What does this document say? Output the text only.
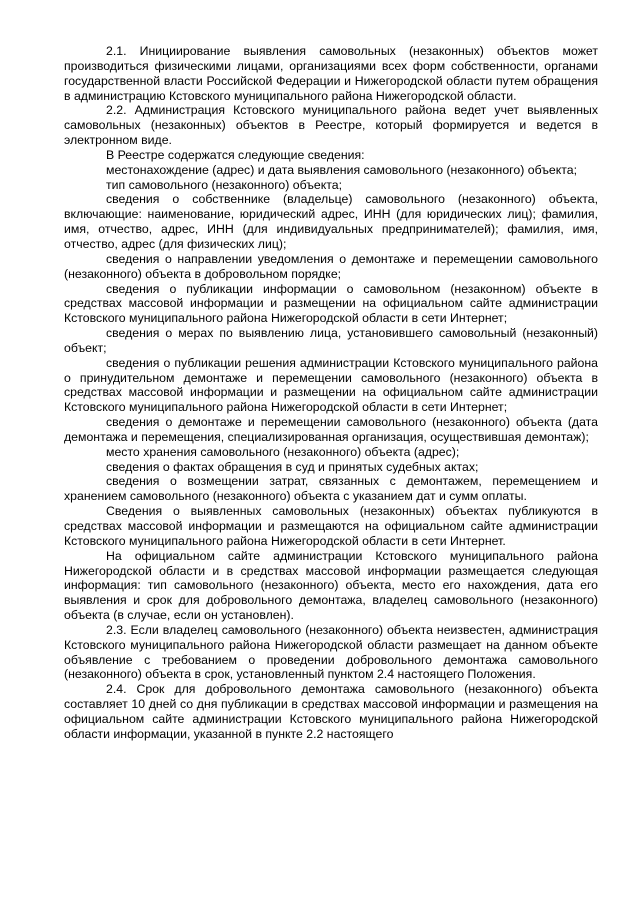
2.1. Инициирование выявления самовольных (незаконных) объектов может производиться физическими лицами, организациями всех форм собственности, органами государственной власти Российской Федерации и Нижегородской области путем обращения в администрацию Кстовского муниципального района Нижегородской области.

2.2. Администрация Кстовского муниципального района ведет учет выявленных самовольных (незаконных) объектов в Реестре, который формируется и ведется в электронном виде.

В Реестре содержатся следующие сведения:

местонахождение (адрес) и дата выявления самовольного (незаконного) объекта;

тип самовольного (незаконного) объекта;

сведения о собственнике (владельце) самовольного (незаконного) объекта, включающие: наименование, юридический адрес, ИНН (для юридических лиц); фамилия, имя, отчество, адрес, ИНН (для индивидуальных предпринимателей); фамилия, имя, отчество, адрес (для физических лиц);

сведения о направлении уведомления о демонтаже и перемещении самовольного (незаконного) объекта в добровольном порядке;

сведения о публикации информации о самовольном (незаконном) объекте в средствах массовой информации и размещении на официальном сайте администрации Кстовского муниципального района Нижегородской области в сети Интернет;

сведения о мерах по выявлению лица, установившего самовольный (незаконный) объект;

сведения о публикации решения администрации Кстовского муниципального района о принудительном демонтаже и перемещении самовольного (незаконного) объекта в средствах массовой информации и размещении на официальном сайте администрации Кстовского муниципального района Нижегородской области в сети Интернет;

сведения о демонтаже и перемещении самовольного (незаконного) объекта (дата демонтажа и перемещения, специализированная организация, осуществившая демонтаж);

место хранения самовольного (незаконного) объекта (адрес);

сведения о фактах обращения в суд и принятых судебных актах;

сведения о возмещении затрат, связанных с демонтажем, перемещением и хранением самовольного (незаконного) объекта с указанием дат и сумм оплаты.

Сведения о выявленных самовольных (незаконных) объектах публикуются в средствах массовой информации и размещаются на официальном сайте администрации Кстовского муниципального района Нижегородской области в сети Интернет.

На официальном сайте администрации Кстовского муниципального района Нижегородской области и в средствах массовой информации размещается следующая информация: тип самовольного (незаконного) объекта, место его нахождения, дата его выявления и срок для добровольного демонтажа, владелец самовольного (незаконного) объекта (в случае, если он установлен).

2.3. Если владелец самовольного (незаконного) объекта неизвестен, администрация Кстовского муниципального района Нижегородской области размещает на данном объекте объявление с требованием о проведении добровольного демонтажа самовольного (незаконного) объекта в срок, установленный пунктом 2.4 настоящего Положения.

2.4. Срок для добровольного демонтажа самовольного (незаконного) объекта составляет 10 дней со дня публикации в средствах массовой информации и размещения на официальном сайте администрации Кстовского муниципального района Нижегородской области информации, указанной в пункте 2.2 настоящего
